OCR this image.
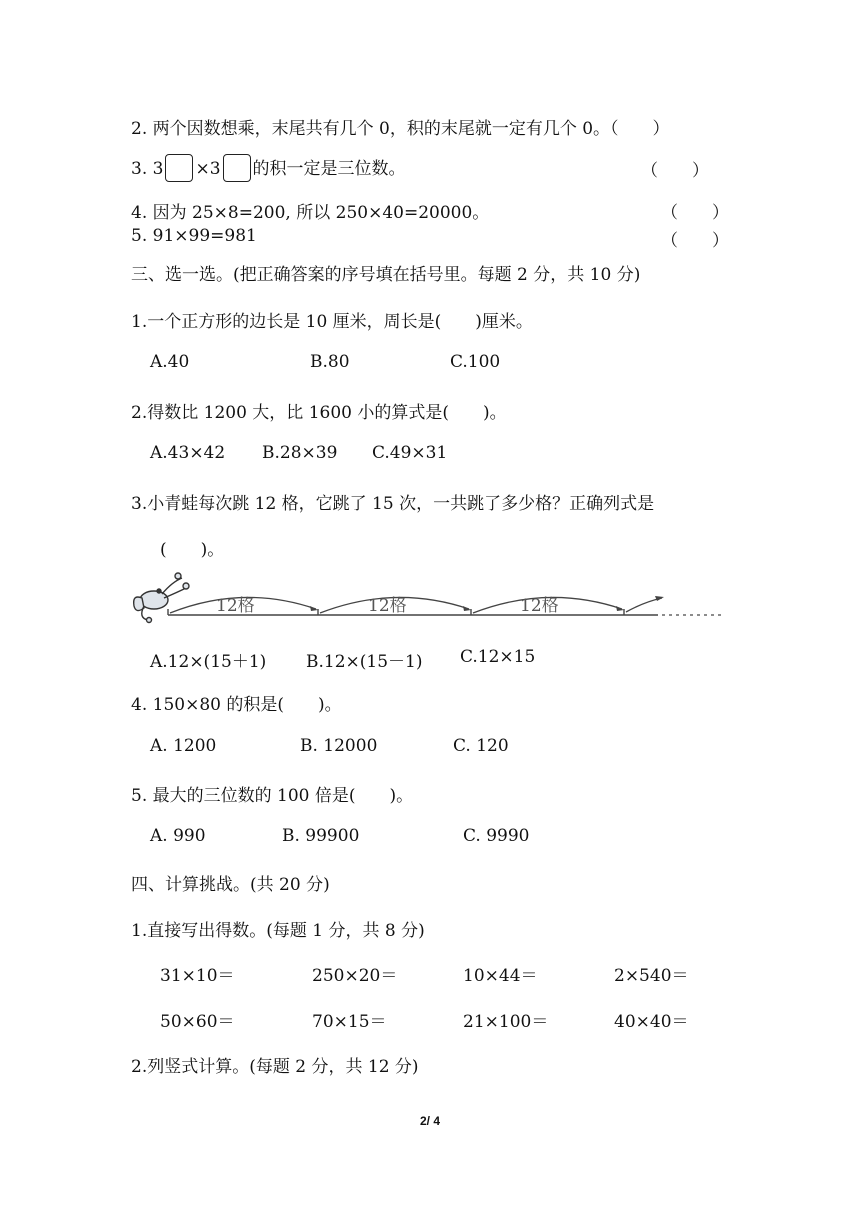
2. 两个因数想乘，末尾共有几个 0，积的末尾就一定有几个 0。（　　）
3. 3 ×3 的积一定是三位数。	（　　）
4. 因为 25×8=200, 所以 250×40=20000。	（　　）
5. 91×99=981	（　　）
三、选一选。(把正确答案的序号填在括号里。每题 2 分，共 10 分)
1.一个正方形的边长是 10 厘米，周长是(　　)厘米。
A.40	B.80	C.100
2.得数比 1200 大，比 1600 小的算式是(　　)。
A.43×42 B.28×39 C.49×31
3.小青蛙每次跳 12 格，它跳了 15 次，一共跳了多少格？正确列式是
(　　)。
12格	12格	12格
A.12×(15＋1) B.12×(15－1) C.12×15
4. 150×80 的积是(　　)。
A. 1200	B. 12000	C. 120
5. 最大的三位数的 100 倍是(　　)。
A. 990	B. 99900	C. 9990
四、计算挑战。(共 20 分)
1.直接写出得数。(每题 1 分，共 8 分)
31×10＝	250×20＝	10×44＝	2×540＝
50×60＝	70×15＝	21×100＝	40×40＝
2.列竖式计算。(每题 2 分，共 12 分)
2/ 4
